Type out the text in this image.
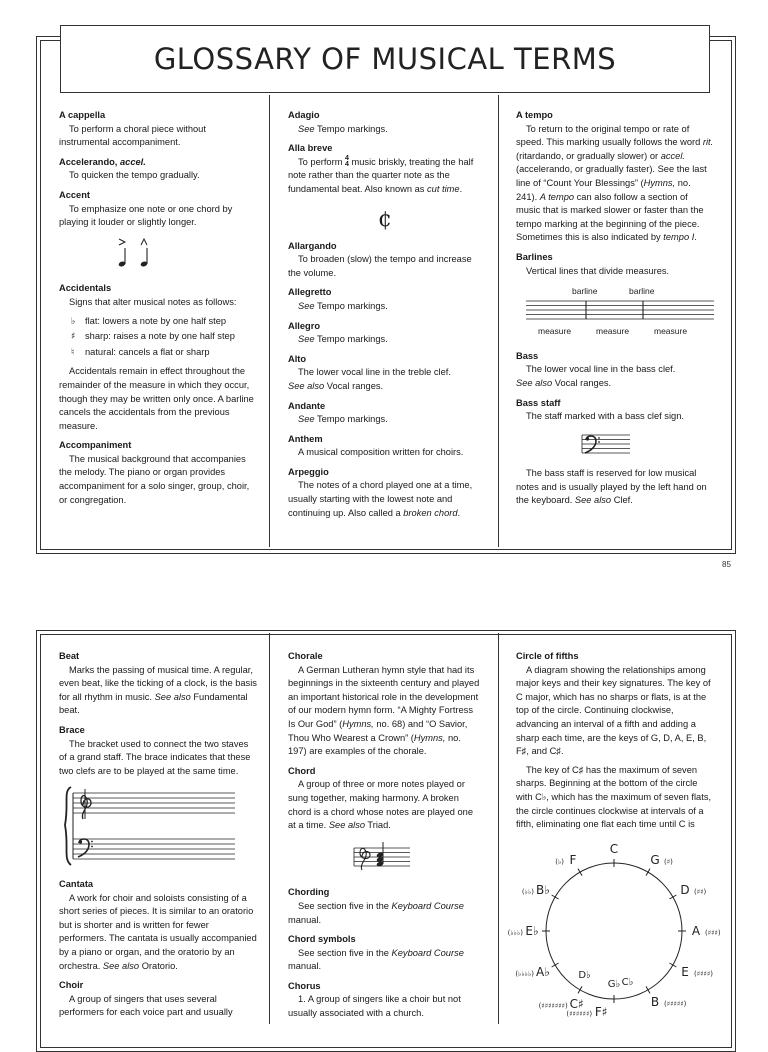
GLOSSARY OF MUSICAL TERMS

A cappella

To perform a choral piece without instrumental accompaniment.

Accelerando, accel.

To quicken the tempo gradually.

Accent

To emphasize one note or one chord by playing it louder or slightly longer.

Accidentals

Signs that alter musical notes as follows:

♭ flat: lowers a note by one half step
♯ sharp: raises a note by one half step
♮ natural: cancels a flat or sharp

Accidentals remain in effect throughout the remainder of the measure in which they occur, though they may be written only once. A barline cancels the accidentals from the previous measure.

Accompaniment

The musical background that accompanies the melody. The piano or organ provides accompaniment for a solo singer, group, choir, or congregation.

Adagio

See Tempo markings.

Alla breve

To perform 4
4 music briskly, treating the half note rather than the quarter note as the fundamental beat. Also known as cut time.

¢

Allargando

To broaden (slow) the tempo and increase the volume.

Allegretto

See Tempo markings.

Allegro

See Tempo markings.

Alto

The lower vocal line in the treble clef.

See also Vocal ranges.

Andante

See Tempo markings.

Anthem

A musical composition written for choirs.

Arpeggio

The notes of a chord played one at a time, usually starting with the lowest note and continuing up. Also called a broken chord.

A tempo

To return to the original tempo or rate of speed. This marking usually follows the word rit. (ritardando, or gradually slower) or accel. (accelerando, or gradually faster). See the last line of “Count Your Blessings” (Hymns, no. 241). A tempo can also follow a section of music that is marked slower or faster than the tempo marking at the beginning of the piece. Sometimes this is also indicated by tempo I.

Barlines

Vertical lines that divide measures.

barline	barline
measure	measure	measure

Bass

The lower vocal line in the bass clef.

See also Vocal ranges.

Bass staff

The staff marked with a bass clef sign.

The bass staff is reserved for low musical notes and is usually played by the left hand on the keyboard. See also Clef.

85

Beat

Marks the passing of musical time. A regular, even beat, like the ticking of a clock, is the basis for all rhythm in music. See also Fundamental beat.

Brace

The bracket used to connect the two staves of a grand staff. The brace indicates that these two clefs are to be played at the same time.

Cantata

A work for choir and soloists consisting of a short series of pieces. It is similar to an oratorio but is shorter and is written for fewer performers. The cantata is usually accompanied by a piano or organ, and the oratorio by an orchestra. See also Oratorio.

Choir

A group of singers that uses several performers for each voice part and usually

Chorale

A German Lutheran hymn style that had its beginnings in the sixteenth century and played an important historical role in the development of our modern hymn form. “A Mighty Fortress Is Our God” (Hymns, no. 68) and “O Savior, Thou Who Wearest a Crown” (Hymns, no. 197) are examples of the chorale.

Chord

A group of three or more notes played or sung together, making harmony. A broken chord is a chord whose notes are played one at a time. See also Triad.

Chording

See section five in the Keyboard Course manual.

Chord symbols

See section five in the Keyboard Course manual.

Chorus

1. A group of singers like a choir but not usually associated with a church.

Circle of fifths

A diagram showing the relationships among major keys and their key signatures. The key of C major, which has no sharps or flats, is at the top of the circle. Continuing clockwise, advancing an interval of a fifth and adding a sharp each time, are the keys of G, D, A, E, B, F♯, and C♯.

The key of C♯ has the maximum of seven sharps. Beginning at the bottom of the circle with C♭, which has the maximum of seven flats, the circle continues clockwise at intervals of a fifth, eliminating one flat each time until C is

C
G (♯)
D (♯♯)
A (♯♯♯)
E (♯♯♯♯)
B (♯♯♯♯♯)
F♯
(♯♯♯♯♯♯)
C♯
(♯♯♯♯♯♯♯)
A♭
(♭♭♭♭)
E♭
(♭♭♭)
B♭
(♭♭)
F
(♭)
D♭
G♭ C♭
